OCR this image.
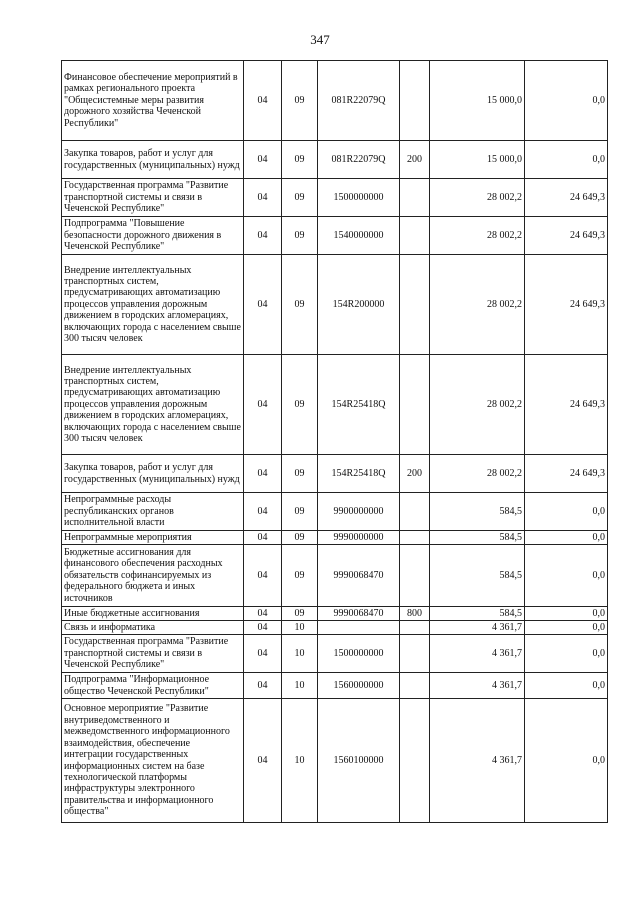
347
Финансовое обеспечение мероприятий в рамках регионального проекта "Общесистемные меры развития дорожного хозяйства Чеченской Республики"	04	09	081R22079Q		15 000,0	0,0
Закупка товаров, работ и услуг для государственных (муниципальных) нужд	04	09	081R22079Q	200	15 000,0	0,0
Государственная программа "Развитие транспортной системы и связи в Чеченской Республике"	04	09	1500000000		28 002,2	24 649,3
Подпрограмма "Повышение безопасности дорожного движения в Чеченской Республике"	04	09	1540000000		28 002,2	24 649,3
Внедрение интеллектуальных транспортных систем, предусматривающих автоматизацию процессов управления дорожным движением в городских агломерациях, включающих города с населением свыше 300 тысяч человек	04	09	154R200000		28 002,2	24 649,3
Внедрение интеллектуальных транспортных систем, предусматривающих автоматизацию процессов управления дорожным движением в городских агломерациях, включающих города с населением свыше 300 тысяч человек	04	09	154R25418Q		28 002,2	24 649,3
Закупка товаров, работ и услуг для государственных (муниципальных) нужд	04	09	154R25418Q	200	28 002,2	24 649,3
Непрограммные расходы республиканских органов исполнительной власти	04	09	9900000000		584,5	0,0
Непрограммные мероприятия	04	09	9990000000		584,5	0,0
Бюджетные ассигнования для финансового обеспечения расходных обязательств софинансируемых из федерального бюджета и иных источников	04	09	9990068470		584,5	0,0
Иные бюджетные ассигнования	04	09	9990068470	800	584,5	0,0
Связь и информатика	04	10			4 361,7	0,0
Государственная программа "Развитие транспортной системы и связи в Чеченской Республике"	04	10	1500000000		4 361,7	0,0
Подпрограмма "Информационное общество Чеченской Республики"	04	10	1560000000		4 361,7	0,0
Основное мероприятие "Развитие внутриведомственного и межведомственного информационного взаимодействия, обеспечение интеграции государственных информационных систем на базе технологической платформы инфраструктуры электронного правительства и информационного общества"	04	10	1560100000		4 361,7	0,0
